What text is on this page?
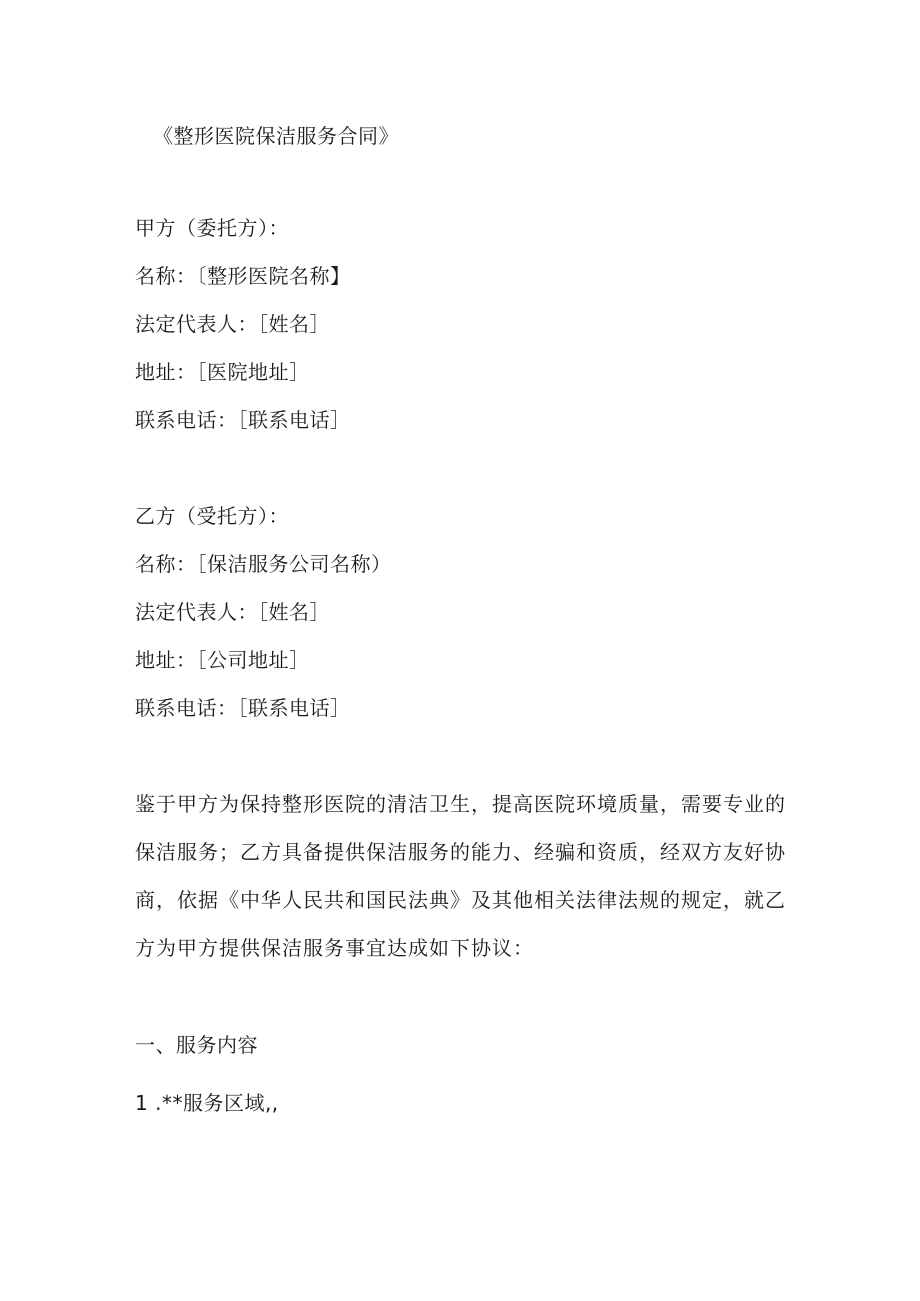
《整形医院保洁服务合同》
甲方（委托方）：
名称：〔整形医院名称】
法定代表人：［姓名］
地址：［医院地址］
联系电话：［联系电话］
乙方（受托方）：
名称：［保洁服务公司名称）
法定代表人：［姓名］
地址：［公司地址］
联系电话：［联系电话］
鉴于甲方为保持整形医院的清洁卫生，提高医院环境质量，需要专业的
保洁服务；乙方具备提供保洁服务的能力、经骗和资质，经双方友好协
商，依据《中华人民共和国民法典》及其他相关法律法规的规定，就乙
方为甲方提供保洁服务事宜达成如下协议：
一、服务内容
1 .**服务区域,,
